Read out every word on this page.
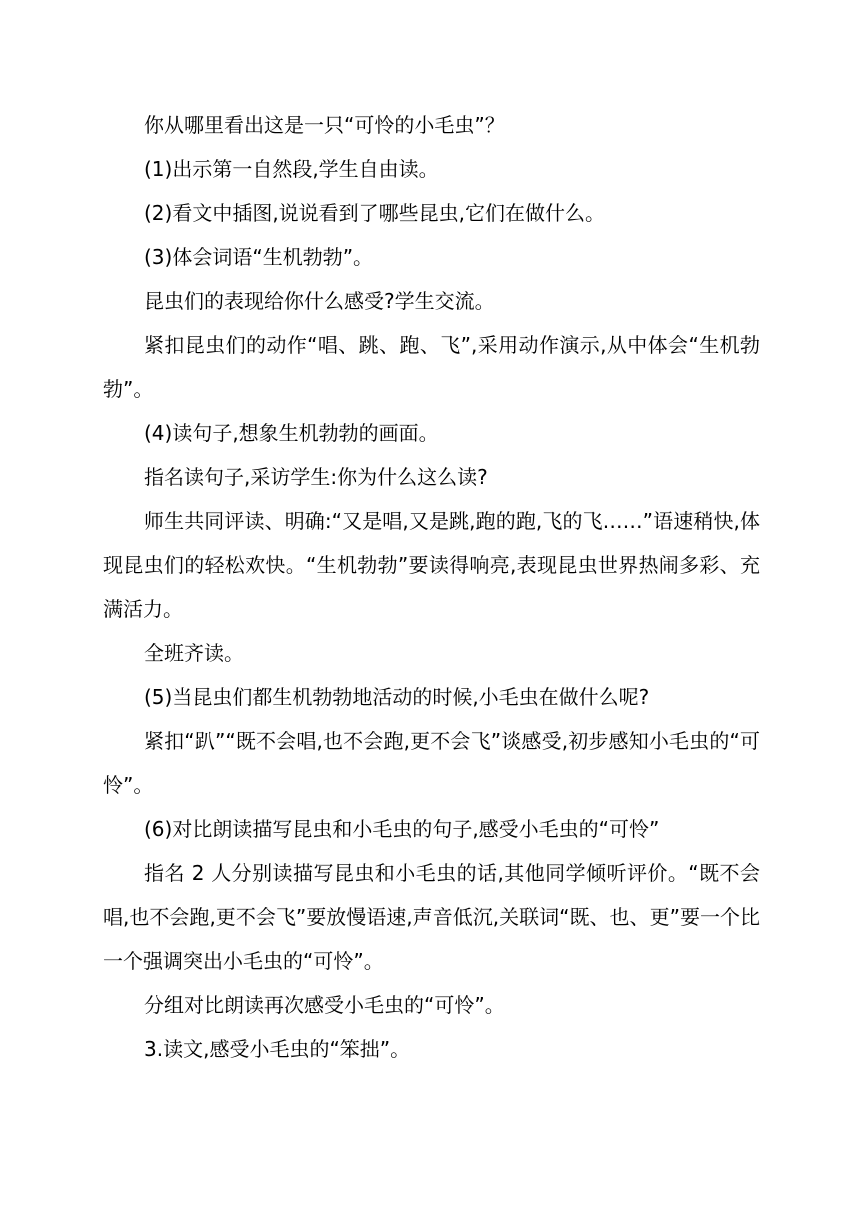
你从哪里看出这是一只“可怜的小毛虫”？

(1)出示第一自然段,学生自由读。

(2)看文中插图,说说看到了哪些昆虫,它们在做什么。

(3)体会词语“生机勃勃”。

昆虫们的表现给你什么感受?学生交流。

紧扣昆虫们的动作“唱、跳、跑、飞”,采用动作演示,从中体会“生机勃勃”。

(4)读句子,想象生机勃勃的画面。

指名读句子,采访学生:你为什么这么读?

师生共同评读、明确:“又是唱,又是跳,跑的跑,飞的飞……”语速稍快,体现昆虫们的轻松欢快。“生机勃勃”要读得响亮,表现昆虫世界热闹多彩、充满活力。

全班齐读。

(5)当昆虫们都生机勃勃地活动的时候,小毛虫在做什么呢?

紧扣“趴”“既不会唱,也不会跑,更不会飞”谈感受,初步感知小毛虫的“可怜”。

(6)对比朗读描写昆虫和小毛虫的句子,感受小毛虫的“可怜”

指名 2 人分别读描写昆虫和小毛虫的话,其他同学倾听评价。“既不会唱,也不会跑,更不会飞”要放慢语速,声音低沉,关联词“既、也、更”要一个比一个强调突出小毛虫的“可怜”。

分组对比朗读再次感受小毛虫的“可怜”。

3.读文,感受小毛虫的“笨拙”。
